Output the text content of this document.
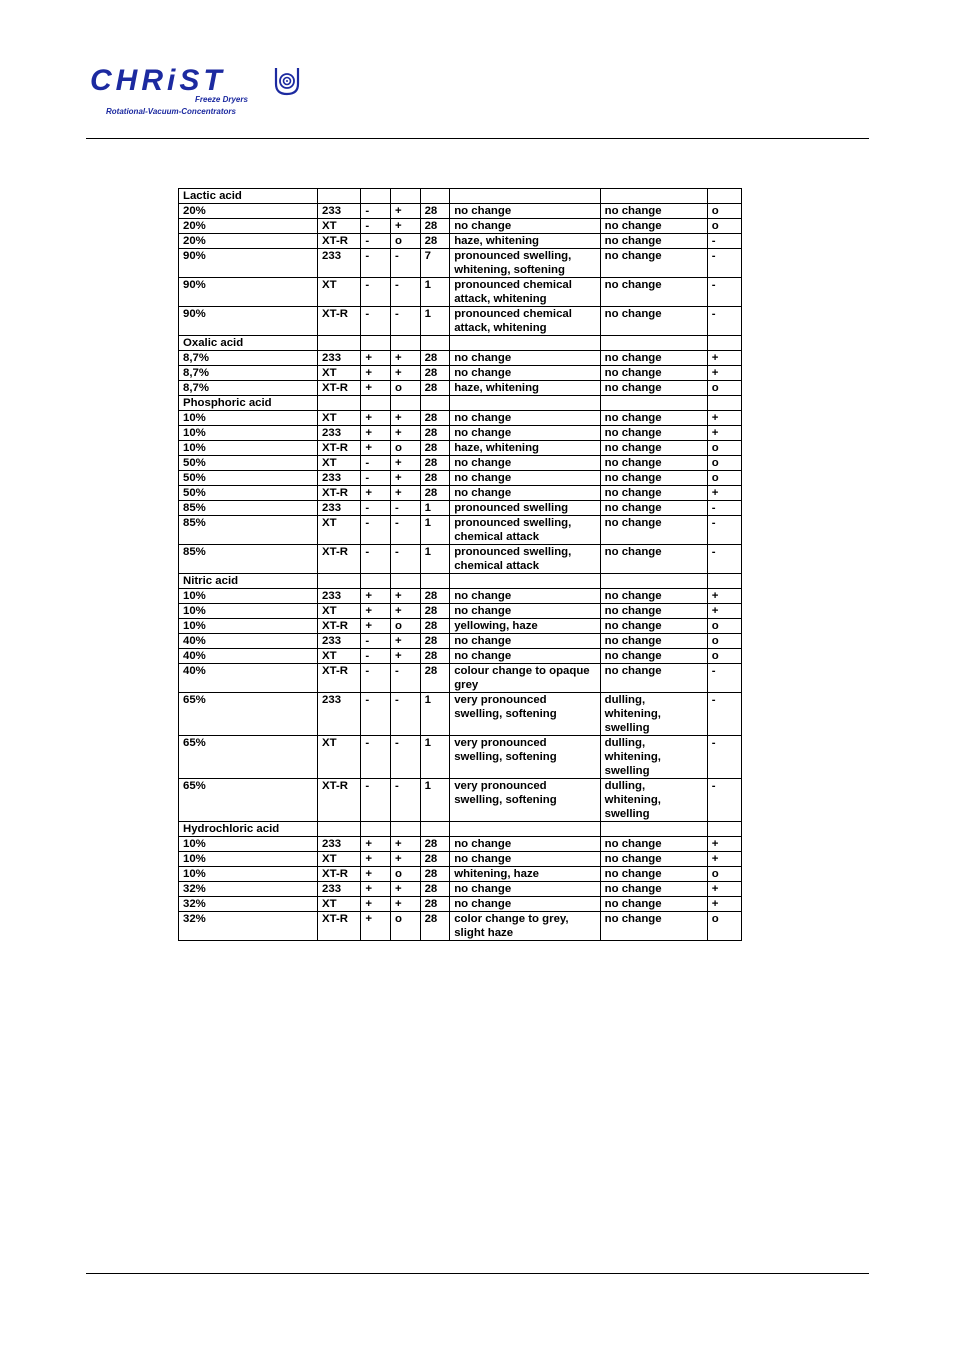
CHRiST
Freeze Dryers
Rotational-Vacuum-Concentrators
Lactic acid							
20%	233	-	+	28	no change	no change	o
20%	XT	-	+	28	no change	no change	o
20%	XT-R	-	o	28	haze, whitening	no change	-
90%	233	-	-	7	pronounced swelling, whitening, softening	no change	-
90%	XT	-	-	1	pronounced chemical attack, whitening	no change	-
90%	XT-R	-	-	1	pronounced chemical attack, whitening	no change	-
Oxalic acid							
8,7%	233	+	+	28	no change	no change	+
8,7%	XT	+	+	28	no change	no change	+
8,7%	XT-R	+	o	28	haze, whitening	no change	o
Phosphoric acid							
10%	XT	+	+	28	no change	no change	+
10%	233	+	+	28	no change	no change	+
10%	XT-R	+	o	28	haze, whitening	no change	o
50%	XT	-	+	28	no change	no change	o
50%	233	-	+	28	no change	no change	o
50%	XT-R	+	+	28	no change	no change	+
85%	233	-	-	1	pronounced swelling	no change	-
85%	XT	-	-	1	pronounced swelling, chemical attack	no change	-
85%	XT-R	-	-	1	pronounced swelling, chemical attack	no change	-
Nitric acid							
10%	233	+	+	28	no change	no change	+
10%	XT	+	+	28	no change	no change	+
10%	XT-R	+	o	28	yellowing, haze	no change	o
40%	233	-	+	28	no change	no change	o
40%	XT	-	+	28	no change	no change	o
40%	XT-R	-	-	28	colour change to opaque grey	no change	-
65%	233	-	-	1	very pronounced swelling, softening	dulling, whitening, swelling	-
65%	XT	-	-	1	very pronounced swelling, softening	dulling, whitening, swelling	-
65%	XT-R	-	-	1	very pronounced swelling, softening	dulling, whitening, swelling	-
Hydrochloric acid							
10%	233	+	+	28	no change	no change	+
10%	XT	+	+	28	no change	no change	+
10%	XT-R	+	o	28	whitening, haze	no change	o
32%	233	+	+	28	no change	no change	+
32%	XT	+	+	28	no change	no change	+
32%	XT-R	+	o	28	color change to grey, slight haze	no change	o
